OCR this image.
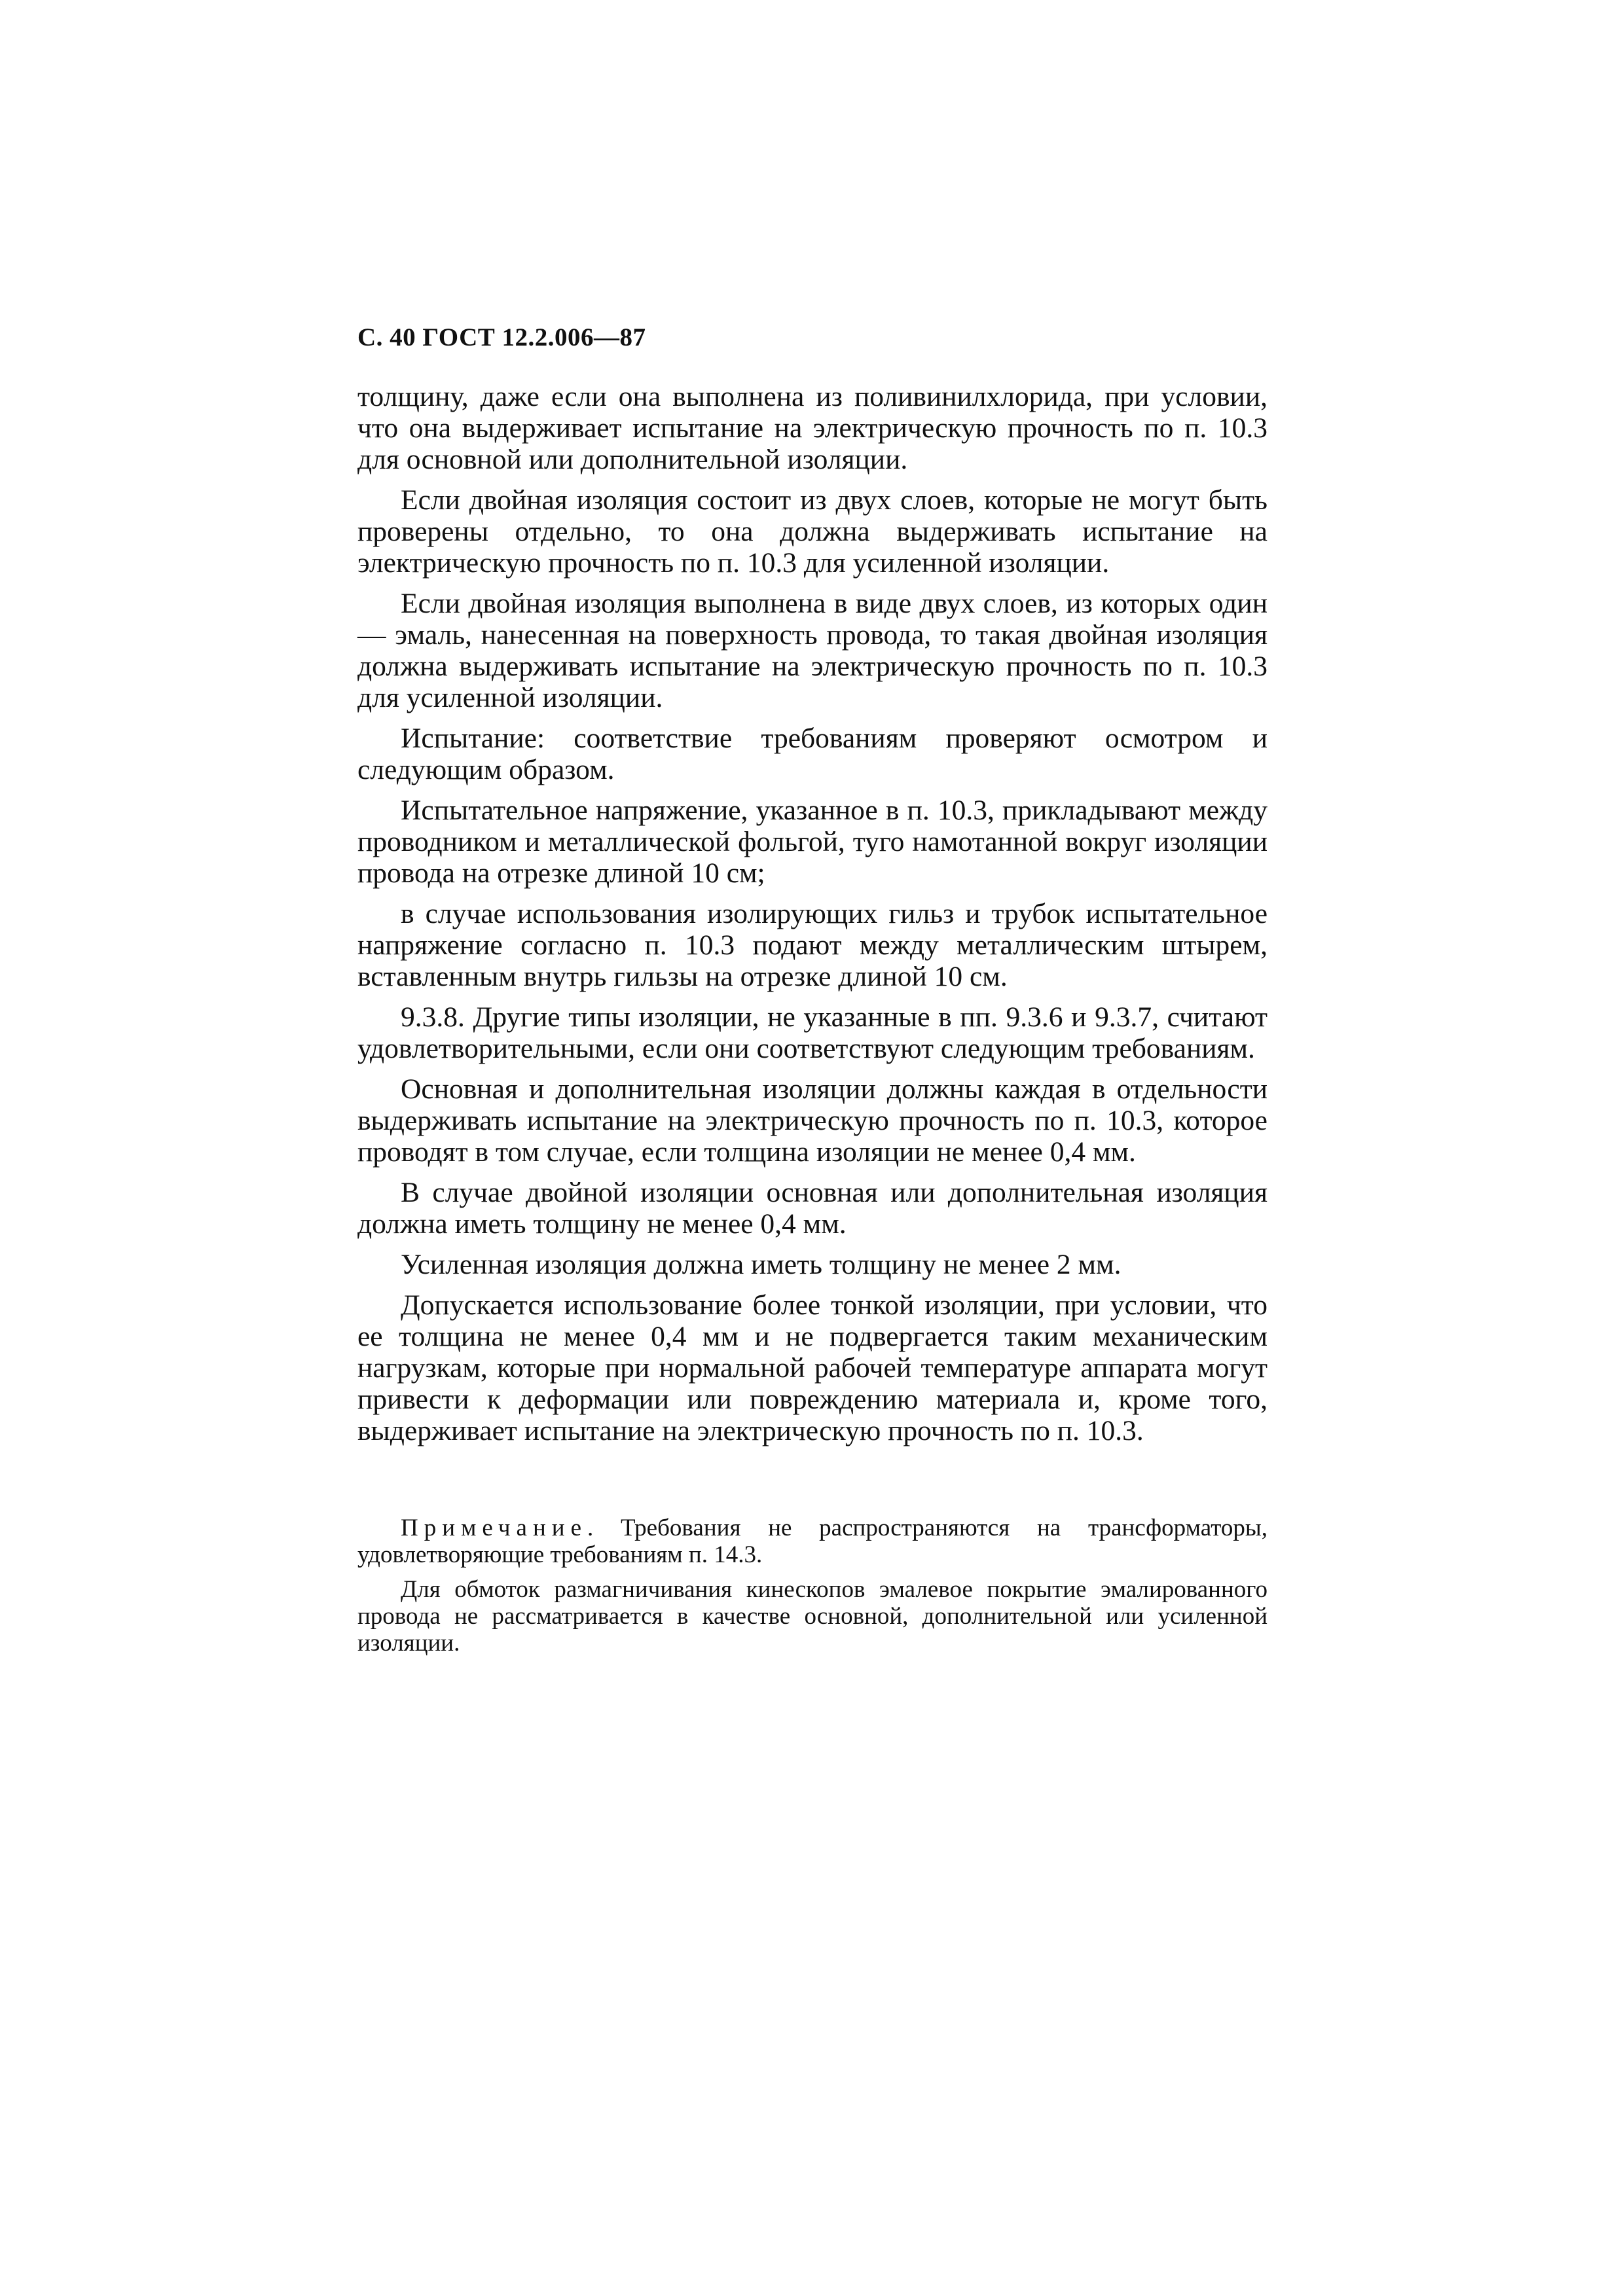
С. 40 ГОСТ 12.2.006—87

толщину, даже если она выполнена из поливинилхлорида, при условии, что она выдерживает испытание на электрическую прочность по п. 10.3 для основной или дополнительной изоляции.

Если двойная изоляция состоит из двух слоев, которые не могут быть проверены отдельно, то она должна выдерживать испытание на электрическую прочность по п. 10.3 для усиленной изоляции.

Если двойная изоляция выполнена в виде двух слоев, из которых один — эмаль, нанесенная на поверхность провода, то такая двойная изоляция должна выдерживать испытание на электрическую прочность по п. 10.3 для усиленной изоляции.

Испытание: соответствие требованиям проверяют осмотром и следующим образом.

Испытательное напряжение, указанное в п. 10.3, прикладывают между проводником и металлической фольгой, туго намотанной вокруг изоляции провода на отрезке длиной 10 см;

в случае использования изолирующих гильз и трубок испытательное напряжение согласно п. 10.3 подают между металлическим штырем, вставленным внутрь гильзы на отрезке длиной 10 см.

9.3.8. Другие типы изоляции, не указанные в пп. 9.3.6 и 9.3.7, считают удовлетворительными, если они соответствуют следующим требованиям.

Основная и дополнительная изоляции должны каждая в отдельности выдерживать испытание на электрическую прочность по п. 10.3, которое проводят в том случае, если толщина изоляции не менее 0,4 мм.

В случае двойной изоляции основная или дополнительная изоляция должна иметь толщину не менее 0,4 мм.

Усиленная изоляция должна иметь толщину не менее 2 мм.

Допускается использование более тонкой изоляции, при условии, что ее толщина не менее 0,4 мм и не подвергается таким механическим нагрузкам, которые при нормальной рабочей температуре аппарата могут привести к деформации или повреждению материала и, кроме того, выдерживает испытание на электрическую прочность по п. 10.3.

Примечание. Требования не распространяются на трансформаторы, удовлетворяющие требованиям п. 14.3.

Для обмоток размагничивания кинескопов эмалевое покрытие эмалированного провода не рассматривается в качестве основной, дополнительной или усиленной изоляции.
